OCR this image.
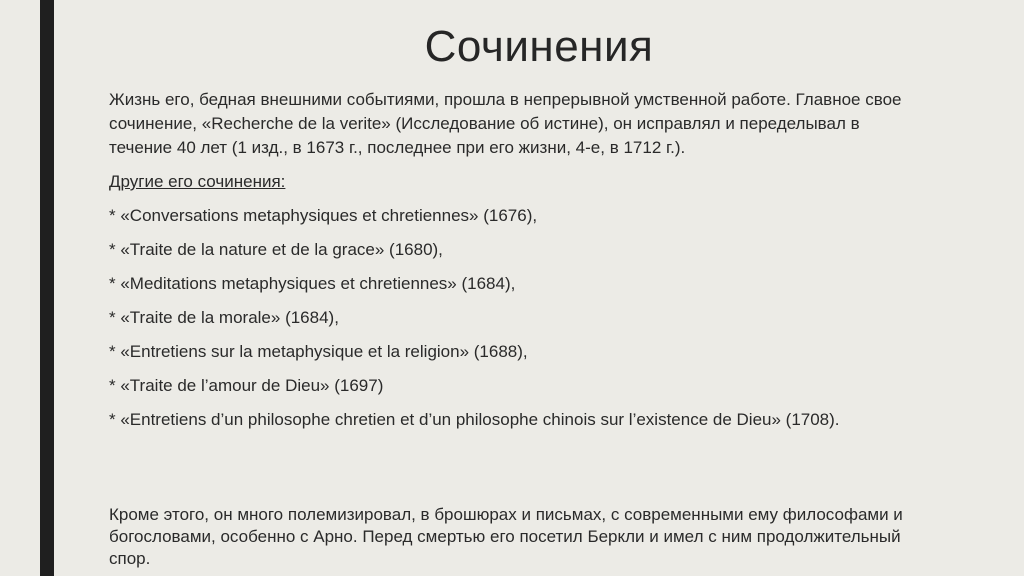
Сочинения

Жизнь его, бедная внешними событиями, прошла в непрерывной умственной работе. Главное свое сочинение, «Recherche de la verite» (Исследование об истине), он исправлял и переделывал в течение 40 лет (1 изд., в 1673 г., последнее при его жизни, 4-е, в 1712 г.).

Другие его сочинения:
* «Conversations metaphysiques et chretiennes» (1676),
* «Traite de la nature et de la grace» (1680),
* «Meditations metaphysiques et chretiennes» (1684),
* «Traite de la morale» (1684),
* «Entretiens sur la metaphysique et la religion» (1688),
* «Traite de l’amour de Dieu» (1697)
* «Entretiens d’un philosophe chretien et d’un philosophe chinois sur l’existence de Dieu» (1708).

Кроме этого, он много полемизировал, в брошюрах и письмах, с современными ему философами и богословами, особенно с Арно. Перед смертью его посетил Беркли и имел с ним продолжительный спор.
